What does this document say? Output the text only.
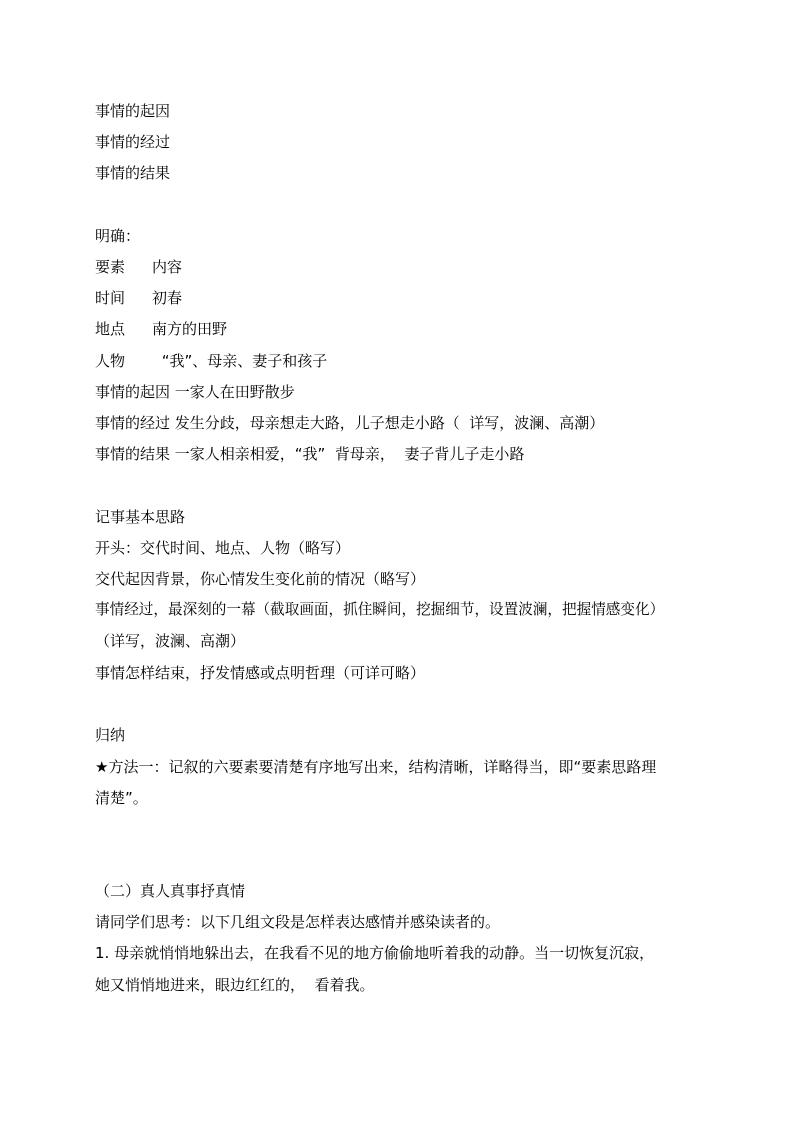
事情的起因
事情的经过
事情的结果
明确：
要素 内容
时间 初春
地点 南方的田野
人物 “我”、母亲、妻子和孩子
事情的起因 一家人在田野散步
事情的经过 发生分歧，母亲想走大路，儿子想走小路（  详写，波澜、高潮）
事情的结果 一家人相亲相爱，“我”  背母亲，  妻子背儿子走小路
记事基本思路
开头：交代时间、地点、人物（略写）
交代起因背景，你心情发生变化前的情况（略写）
事情经过，最深刻的一幕（截取画面，抓住瞬间，挖掘细节，设置波澜，把握情感变化）
（详写，波澜、高潮）
事情怎样结束，抒发情感或点明哲理（可详可略）
归纳
★方法一：记叙的六要素要清楚有序地写出来，结构清晰，详略得当，即“要素思路理
清楚”。
（二）真人真事抒真情
请同学们思考：以下几组文段是怎样表达感情并感染读者的。
1. 母亲就悄悄地躲出去，在我看不见的地方偷偷地听着我的动静。当一切恢复沉寂，
她又悄悄地进来，眼边红红的，  看着我。
